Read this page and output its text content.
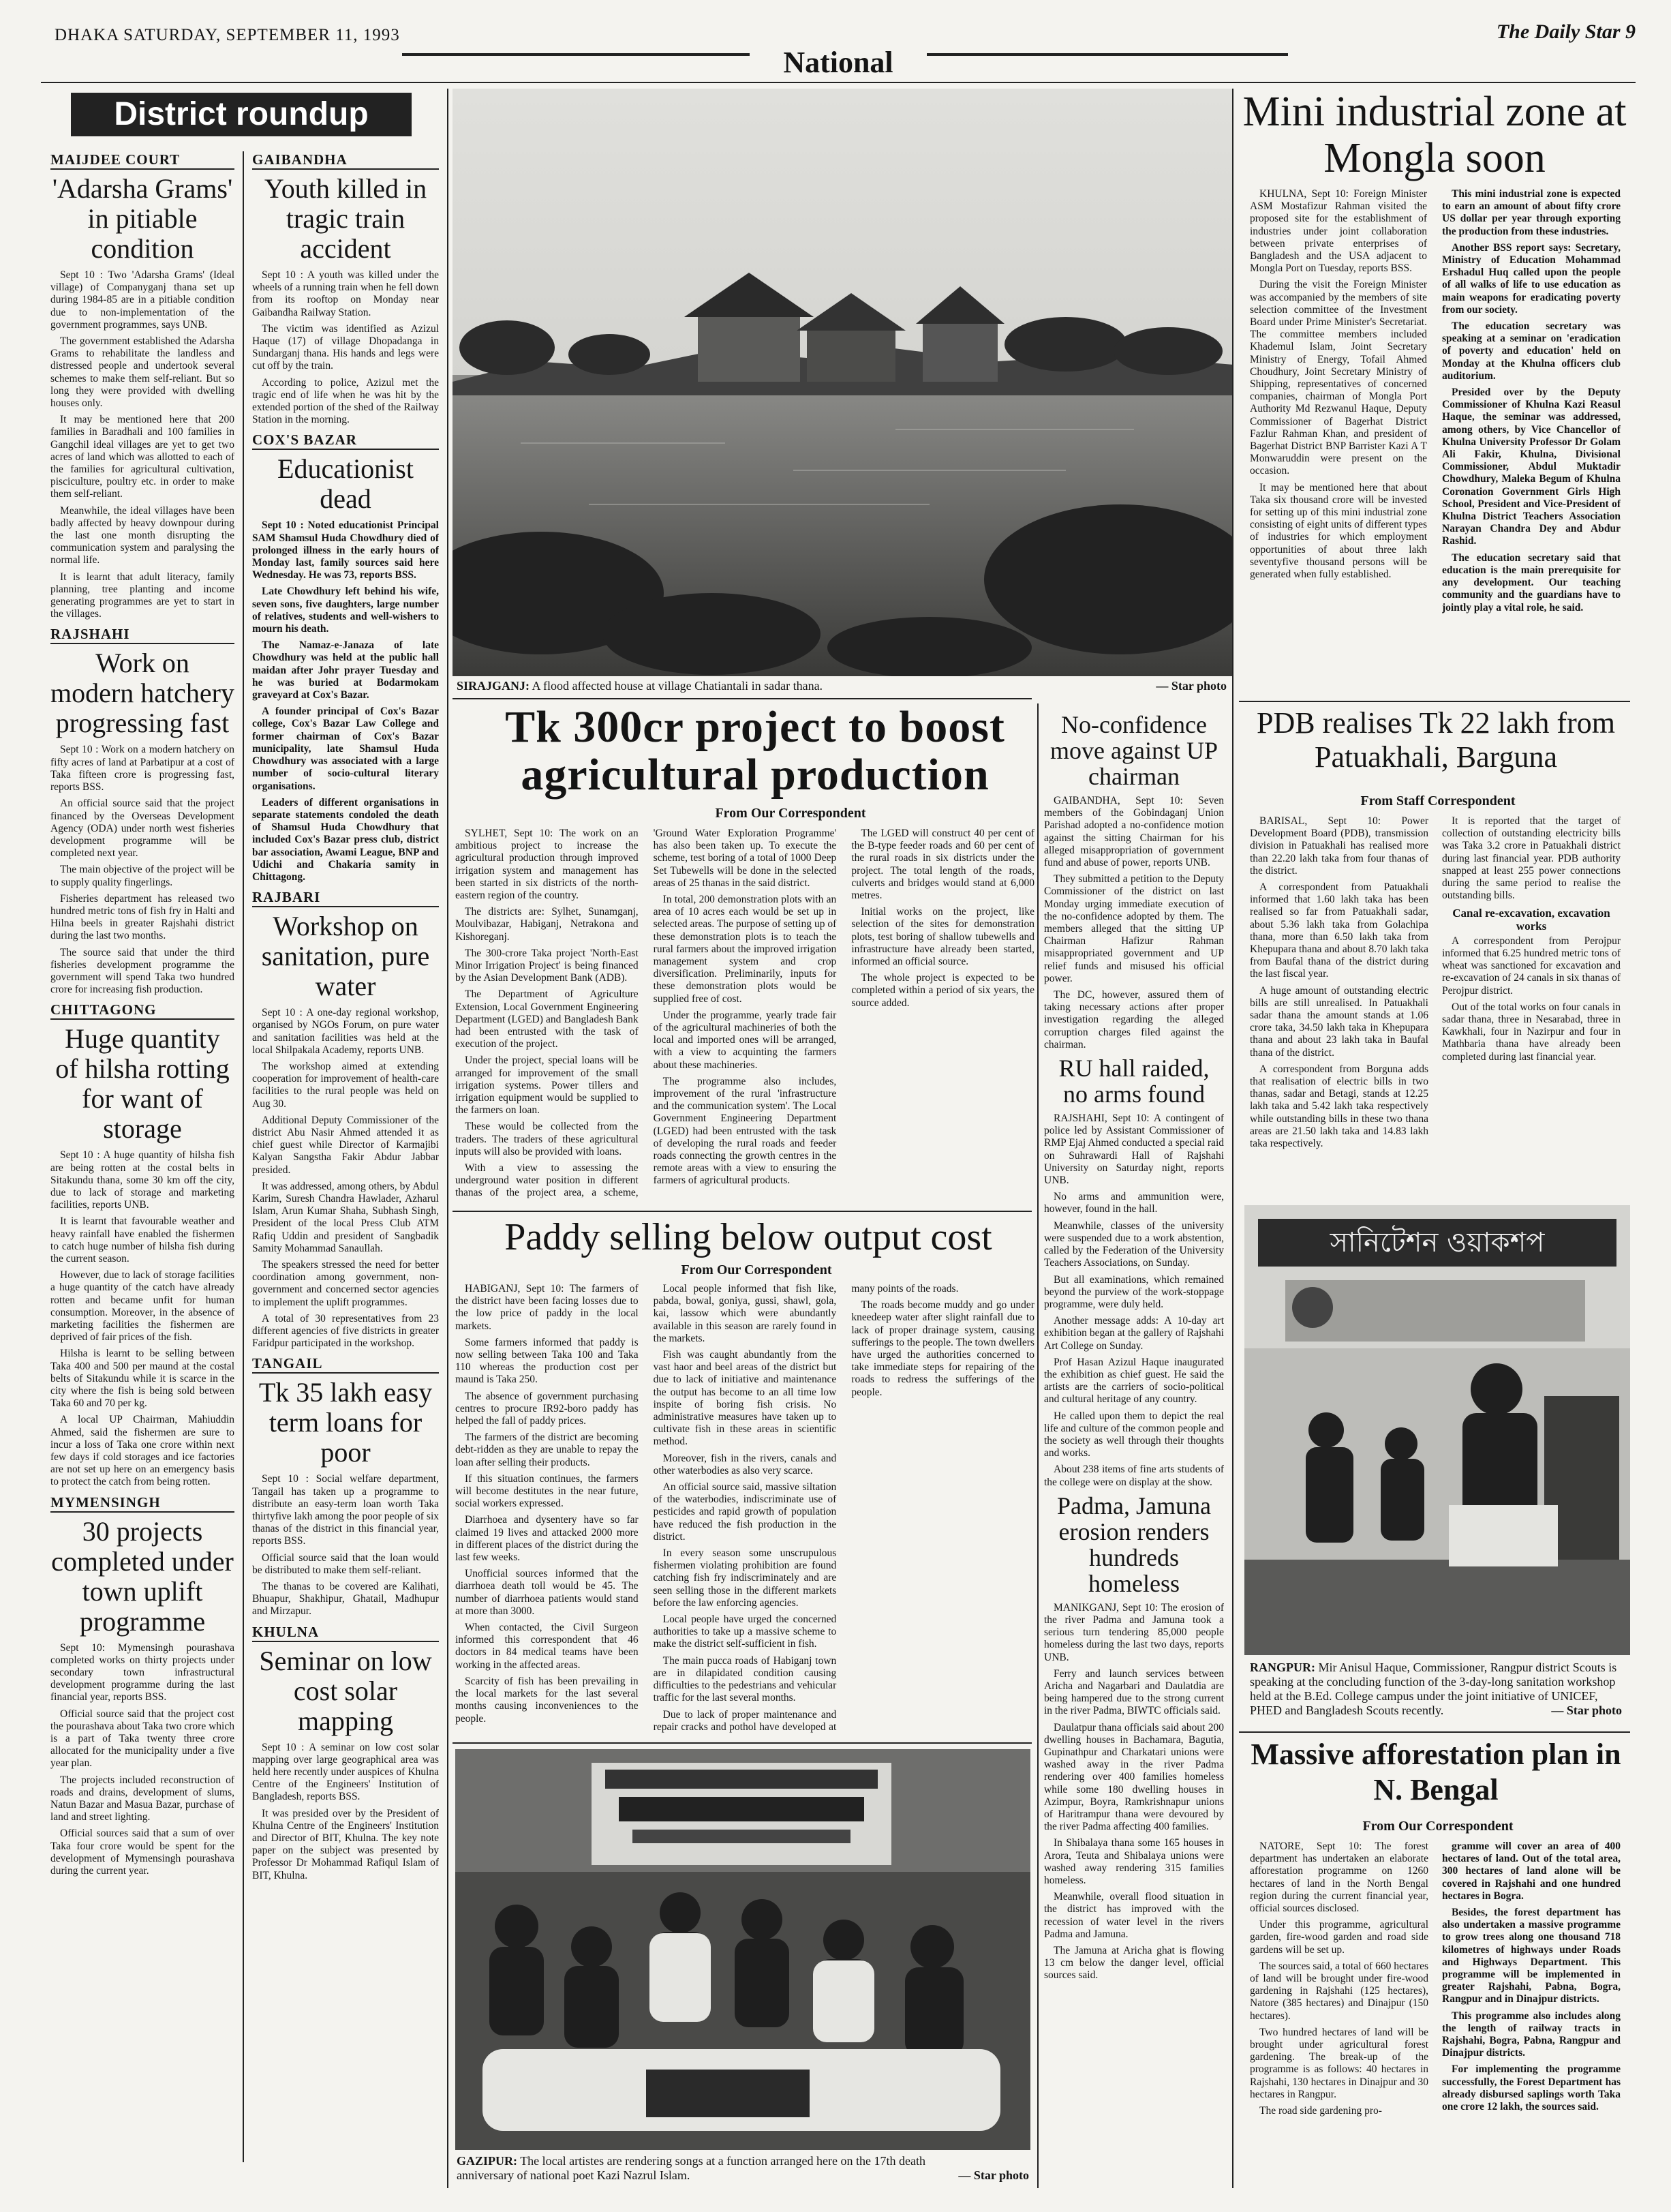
DHAKA SATURDAY, SEPTEMBER 11, 1993
National
The Daily Star 9
District roundup
MAIJDEE COURT
'Adarsha Grams' in pitiable condition

Sept 10 : Two 'Adarsha Grams' (Ideal village) of Companyganj thana set up during 1984-85 are in a pitiable condition due to non-implementation of the government programmes, says UNB.

The government established the Adarsha Grams to rehabilitate the landless and distressed people and undertook several schemes to make them self-reliant. But so long they were provided with dwelling houses only.

It may be mentioned here that 200 families in Baradhali and 100 families in Gangchil ideal villages are yet to get two acres of land which was allotted to each of the families for agricultural cultivation, pisciculture, poultry etc. in order to make them self-reliant.

Meanwhile, the ideal villages have been badly affected by heavy downpour during the last one month disrupting the communication system and paralysing the normal life.

It is learnt that adult literacy, family planning, tree planting and income generating programmes are yet to start in the villages.

RAJSHAHI
Work on modern hatchery progressing fast

Sept 10 : Work on a modern hatchery on fifty acres of land at Parbatipur at a cost of Taka fifteen crore is progressing fast, reports BSS.

An official source said that the project financed by the Overseas Development Agency (ODA) under north west fisheries development programme will be completed next year.

The main objective of the project will be to supply quality fingerlings.

Fisheries department has released two hundred metric tons of fish fry in Halti and Hilna beels in greater Rajshahi district during the last two months.

The source said that under the third fisheries development programme the government will spend Taka two hundred crore for increasing fish production.

CHITTAGONG
Huge quantity of hilsha rotting for want of storage

Sept 10 : A huge quantity of hilsha fish are being rotten at the costal belts in Sitakundu thana, some 30 km off the city, due to lack of storage and marketing facilities, reports UNB.

It is learnt that favourable weather and heavy rainfall have enabled the fishermen to catch huge number of hilsha fish during the current season.

However, due to lack of storage facilities a huge quantity of the catch have already rotten and became unfit for human consumption. Moreover, in the absence of marketing facilities the fishermen are deprived of fair prices of the fish.

Hilsha is learnt to be selling between Taka 400 and 500 per maund at the costal belts of Sitakundu while it is scarce in the city where the fish is being sold between Taka 60 and 70 per kg.

A local UP Chairman, Mahiuddin Ahmed, said the fishermen are sure to incur a loss of Taka one crore within next few days if cold storages and ice factories are not set up here on an emergency basis to protect the catch from being rotten.

MYMENSINGH
30 projects completed under town uplift programme

Sept 10: Mymensingh pourashava completed works on thirty projects under secondary town infrastructural development programme during the last financial year, reports BSS.

Official source said that the project cost the pourashava about Taka two crore which is a part of Taka twenty three crore allocated for the municipality under a five year plan.

The projects included reconstruction of roads and drains, development of slums, Natun Bazar and Masua Bazar, purchase of land and street lighting.

Official sources said that a sum of over Taka four crore would be spent for the development of Mymensingh pourashava during the current year.

GAIBANDHA
Youth killed in tragic train accident

Sept 10 : A youth was killed under the wheels of a running train when he fell down from its rooftop on Monday near Gaibandha Railway Station.

The victim was identified as Azizul Haque (17) of village Dhopadanga in Sundarganj thana. His hands and legs were cut off by the train.

According to police, Azizul met the tragic end of life when he was hit by the extended portion of the shed of the Railway Station in the morning.

COX'S BAZAR
Educationist dead

Sept 10 : Noted educationist Principal SAM Shamsul Huda Chowdhury died of prolonged illness in the early hours of Monday last, family sources said here Wednesday. He was 73, reports BSS.

Late Chowdhury left behind his wife, seven sons, five daughters, large number of relatives, students and well-wishers to mourn his death.

The Namaz-e-Janaza of late Chowdhury was held at the public hall maidan after Johr prayer Tuesday and he was buried at Bodarmokam graveyard at Cox's Bazar.

A founder principal of Cox's Bazar college, Cox's Bazar Law College and former chairman of Cox's Bazar municipality, late Shamsul Huda Chowdhury was associated with a large number of socio-cultural literary organisations.

Leaders of different organisations in separate statements condoled the death of Shamsul Huda Chowdhury that included Cox's Bazar press club, district bar association, Awami League, BNP and Udichi and Chakaria samity in Chittagong.

RAJBARI
Workshop on sanitation, pure water

Sept 10 : A one-day regional workshop, organised by NGOs Forum, on pure water and sanitation facilities was held at the local Shilpakala Academy, reports UNB.

The workshop aimed at extending cooperation for improvement of health-care facilities to the rural people was held on Aug 30.

Additional Deputy Commissioner of the district Abu Nasir Ahmed attended it as chief guest while Director of Karmajibi Kalyan Sangstha Fakir Abdur Jabbar presided.

It was addressed, among others, by Abdul Karim, Suresh Chandra Hawlader, Azharul Islam, Arun Kumar Shaha, Subhash Singh, President of the local Press Club ATM Rafiq Uddin and president of Sangbadik Samity Mohammad Sanaullah.

The speakers stressed the need for better coordination among government, non-government and concerned sector agencies to implement the uplift programmes.

A total of 30 representatives from 23 different agencies of five districts in greater Faridpur participated in the workshop.

TANGAIL
Tk 35 lakh easy term loans for poor

Sept 10 : Social welfare department, Tangail has taken up a programme to distribute an easy-term loan worth Taka thirtyfive lakh among the poor people of six thanas of the district in this financial year, reports BSS.

Official source said that the loan would be distributed to make them self-reliant.

The thanas to be covered are Kalihati, Bhuapur, Shakhipur, Ghatail, Madhupur and Mirzapur.

KHULNA
Seminar on low cost solar mapping

Sept 10 : A seminar on low cost solar mapping over large geographical area was held here recently under auspices of Khulna Centre of the Engineers' Institution of Bangladesh, reports BSS.

It was presided over by the President of Khulna Centre of the Engineers' Institution and Director of BIT, Khulna. The key note paper on the subject was presented by Professor Dr Mohammad Rafiqul Islam of BIT, Khulna.

SIRAJGANJ: A flood affected house at village Chatiantali in sadar thana.	— Star photo
Tk 300cr project to boost agricultural production
From Our Correspondent

SYLHET, Sept 10: The work on an ambitious project to increase the agricultural production through improved irrigation system and management has been started in six districts of the north-eastern region of the country.

The districts are: Sylhet, Sunamganj, Moulvibazar, Habiganj, Netrakona and Kishoreganj.

The 300-crore Taka project 'North-East Minor Irrigation Project' is being financed by the Asian Development Bank (ADB).

The Department of Agriculture Extension, Local Government Engineering Department (LGED) and Bangladesh Bank had been entrusted with the task of execution of the project.

Under the project, special loans will be arranged for improvement of the small irrigation systems. Power tillers and irrigation equipment would be supplied to the farmers on loan.

These would be collected from the traders. The traders of these agricultural inputs will also be provided with loans.

With a view to assessing the underground water position in different thanas of the project area, a scheme, 'Ground Water Exploration Programme' has also been taken up. To execute the scheme, test boring of a total of 1000 Deep Set Tubewells will be done in the selected areas of 25 thanas in the said district.

In total, 200 demonstration plots with an area of 10 acres each would be set up in selected areas. The purpose of setting up of these demonstration plots is to teach the rural farmers about the improved irrigation management system and crop diversification. Preliminarily, inputs for these demonstration plots would be supplied free of cost.

Under the programme, yearly trade fair of the agricultural machineries of both the local and imported ones will be arranged, with a view to acquinting the farmers about these machineries.

The programme also includes, improvement of the rural 'infrastructure and the communication system'. The Local Government Engineering Department (LGED) had been entrusted with the task of developing the rural roads and feeder roads connecting the growth centres in the remote areas with a view to ensuring the farmers of agricultural products.

The LGED will construct 40 per cent of the B-type feeder roads and 60 per cent of the rural roads in six districts under the project. The total length of the roads, culverts and bridges would stand at 6,000 metres.

Initial works on the project, like selection of the sites for demonstration plots, test boring of shallow tubewells and infrastructure have already been started, informed an official source.

The whole project is expected to be completed within a period of six years, the source added.

Paddy selling below output cost
From Our Correspondent

HABIGANJ, Sept 10: The farmers of the district have been facing losses due to the low price of paddy in the local markets.

Some farmers informed that paddy is now selling between Taka 100 and Taka 110 whereas the production cost per maund is Taka 250.

The absence of government purchasing centres to procure IR92-boro paddy has helped the fall of paddy prices.

The farmers of the district are becoming debt-ridden as they are unable to repay the loan after selling their products.

If this situation continues, the farmers will become destitutes in the near future, social workers expressed.

Diarrhoea and dysentery have so far claimed 19 lives and attacked 2000 more in different places of the district during the last few weeks.

Unofficial sources informed that the diarrhoea death toll would be 45. The number of diarrhoea patients would stand at more than 3000.

When contacted, the Civil Surgeon informed this correspondent that 46 doctors in 84 medical teams have been working in the affected areas.

Scarcity of fish has been prevailing in the local markets for the last several months causing inconveniences to the people.

Local people informed that fish like, pabda, bowal, goniya, gussi, shawl, gola, kai, lassow which were abundantly available in this season are rarely found in the markets.

Fish was caught abundantly from the vast haor and beel areas of the district but due to lack of initiative and maintenance the output has become to an all time low inspite of boring fish crisis. No administrative measures have taken up to cultivate fish in these areas in scientific method.

Moreover, fish in the rivers, canals and other waterbodies as also very scarce.

An official source said, massive siltation of the waterbodies, indiscriminate use of pesticides and rapid growth of population have reduced the fish production in the district.

In every season some unscrupulous fishermen violating prohibition are found catching fish fry indiscriminately and are seen selling those in the different markets before the law enforcing agencies.

Local people have urged the concerned authorities to take up a massive scheme to make the district self-sufficient in fish.

The main pucca roads of Habiganj town are in dilapidated condition causing difficulties to the pedestrians and vehicular traffic for the last several months.

Due to lack of proper maintenance and repair cracks and pothol have developed at many points of the roads.

The roads become muddy and go under kneedeep water after slight rainfall due to lack of proper drainage system, causing sufferings to the people. The town dwellers have urged the authorities concerned to take immediate steps for repairing of the roads to redress the sufferings of the people.

GAZIPUR: The local artistes are rendering songs at a function arranged here on the 17th death anniversary of national poet Kazi Nazrul Islam.	— Star photo
No-confidence move against UP chairman

GAIBANDHA, Sept 10: Seven members of the Gobindaganj Union Parishad adopted a no-confidence motion against the sitting Chairman for his alleged misappropriation of government fund and abuse of power, reports UNB.

They submitted a petition to the Deputy Commissioner of the district on last Monday urging immediate execution of the no-confidence adopted by them. The members alleged that the sitting UP Chairman Hafizur Rahman misappropriated government and UP relief funds and misused his official power.

The DC, however, assured them of taking necessary actions after proper investigation regarding the alleged corruption charges filed against the chairman.

RU hall raided, no arms found

RAJSHAHI, Sept 10: A contingent of police led by Assistant Commissioner of RMP Ejaj Ahmed conducted a special raid on Suhrawardi Hall of Rajshahi University on Saturday night, reports UNB.

No arms and ammunition were, however, found in the hall.

Meanwhile, classes of the university were suspended due to a work abstention, called by the Federation of the University Teachers Associations, on Sunday.

But all examinations, which remained beyond the purview of the work-stoppage programme, were duly held.

Another message adds: A 10-day art exhibition began at the gallery of Rajshahi Art College on Sunday.

Prof Hasan Azizul Haque inaugurated the exhibition as chief guest. He said the artists are the carriers of socio-political and cultural heritage of any country.

He called upon them to depict the real life and culture of the common people and the society as well through their thoughts and works.

About 238 items of fine arts students of the college were on display at the show.

Padma, Jamuna erosion renders hundreds homeless

MANIKGANJ, Sept 10: The erosion of the river Padma and Jamuna took a serious turn tendering 85,000 people homeless during the last two days, reports UNB.

Ferry and launch services between Aricha and Nagarbari and Daulatdia are being hampered due to the strong current in the river Padma, BIWTC officials said.

Daulatpur thana officials said about 200 dwelling houses in Bachamara, Bagutia, Gupinathpur and Charkatari unions were washed away in the river Padma rendering over 400 families homeless while some 180 dwelling houses in Azimpur, Boyra, Ramkrishnapur unions of Haritrampur thana were devoured by the river Padma affecting 400 families.

In Shibalaya thana some 165 houses in Arora, Teuta and Shibalaya unions were washed away rendering 315 families homeless.

Meanwhile, overall flood situation in the district has improved with the recession of water level in the rivers Padma and Jamuna.

The Jamuna at Aricha ghat is flowing 13 cm below the danger level, official sources said.

Mini industrial zone at Mongla soon

KHULNA, Sept 10: Foreign Minister ASM Mostafizur Rahman visited the proposed site for the establishment of industries under joint collaboration between private enterprises of Bangladesh and the USA adjacent to Mongla Port on Tuesday, reports BSS.

During the visit the Foreign Minister was accompanied by the members of site selection committee of the Investment Board under Prime Minister's Secretariat. The committee members included Khademul Islam, Joint Secretary Ministry of Energy, Tofail Ahmed Choudhury, Joint Secretary Ministry of Shipping, representatives of concerned companies, chairman of Mongla Port Authority Md Rezwanul Haque, Deputy Commissioner of Bagerhat District Fazlur Rahman Khan, and president of Bagerhat District BNP Barrister Kazi A T Monwaruddin were present on the occasion.

It may be mentioned here that about Taka six thousand crore will be invested for setting up of this mini industrial zone consisting of eight units of different types of industries for which employment opportunities of about three lakh seventyfive thousand persons will be generated when fully established.

This mini industrial zone is expected to earn an amount of about fifty crore US dollar per year through exporting the production from these industries.

Another BSS report says: Secretary, Ministry of Education Mohammad Ershadul Huq called upon the people of all walks of life to use education as main weapons for eradicating poverty from our society.

The education secretary was speaking at a seminar on 'eradication of poverty and education' held on Monday at the Khulna officers club auditorium.

Presided over by the Deputy Commissioner of Khulna Kazi Reasul Haque, the seminar was addressed, among others, by Vice Chancellor of Khulna University Professor Dr Golam Ali Fakir, Khulna, Divisional Commissioner, Abdul Muktadir Chowdhury, Maleka Begum of Khulna Coronation Government Girls High School, President and Vice-President of Khulna District Teachers Association Narayan Chandra Dey and Abdur Rashid.

The education secretary said that education is the main prerequisite for any development. Our teaching community and the guardians have to jointly play a vital role, he said.

PDB realises Tk 22 lakh from Patuakhali, Barguna
From Staff Correspondent

BARISAL, Sept 10: Power Development Board (PDB), transmission division in Patuakhali has realised more than 22.20 lakh taka from four thanas of the district.

A correspondent from Patuakhali informed that 1.60 lakh taka has been realised so far from Patuakhali sadar, about 5.36 lakh taka from Golachipa thana, more than 6.50 lakh taka from Khepupara thana and about 8.70 lakh taka from Baufal thana of the district during the last fiscal year.

A huge amount of outstanding electric bills are still unrealised. In Patuakhali sadar thana the amount stands at 1.06 crore taka, 34.50 lakh taka in Khepupara thana and about 23 lakh taka in Baufal thana of the district.

A correspondent from Borguna adds that realisation of electric bills in two thanas, sadar and Betagi, stands at 12.25 lakh taka and 5.42 lakh taka respectively while outstanding bills in these two thana areas are 21.50 lakh taka and 14.83 lakh taka respectively.

It is reported that the target of collection of outstanding electricity bills was Taka 3.2 crore in Patuakhali district during last financial year. PDB authority snapped at least 255 power connections during the same period to realise the outstanding bills.

Canal re-excavation, excavation works

A correspondent from Perojpur informed that 6.25 hundred metric tons of wheat was sanctioned for excavation and re-excavation of 24 canals in six thanas of Perojpur district.

Out of the total works on four canals in sadar thana, three in Nesarabad, three in Kawkhali, four in Nazirpur and four in Mathbaria thana have already been completed during last financial year.

সানিটেশন ওয়াকশপ
RANGPUR: Mir Anisul Haque, Commissioner, Rangpur district Scouts is speaking at the concluding function of the 3-day-long sanitation workshop held at the B.Ed. College campus under the joint initiative of UNICEF, PHED and Bangladesh Scouts recently.	— Star photo
Massive afforestation plan in N. Bengal
From Our Correspondent

NATORE, Sept 10: The forest department has undertaken an elaborate afforestation programme on 1260 hectares of land in the North Bengal region during the current financial year, official sources disclosed.

Under this programme, agricultural garden, fire-wood garden and road side gardens will be set up.

The sources said, a total of 660 hectares of land will be brought under fire-wood gardening in Rajshahi (125 hectares), Natore (385 hectares) and Dinajpur (150 hectares).

Two hundred hectares of land will be brought under agricultural forest gardening. The break-up of the programme is as follows: 40 hectares in Rajshahi, 130 hectares in Dinajpur and 30 hectares in Rangpur.

The road side gardening pro-

gramme will cover an area of 400 hectares of land. Out of the total area, 300 hectares of land alone will be covered in Rajshahi and one hundred hectares in Bogra.

Besides, the forest department has also undertaken a massive programme to grow trees along one thousand 718 kilometres of highways under Roads and Highways Department. This programme will be implemented in greater Rajshahi, Pabna, Bogra, Rangpur and in Dinajpur districts.

This programme also includes along the length of railway tracts in Rajshahi, Bogra, Pabna, Rangpur and Dinajpur districts.

For implementing the programme successfully, the Forest Department has already disbursed saplings worth Taka one crore 12 lakh, the sources said.
